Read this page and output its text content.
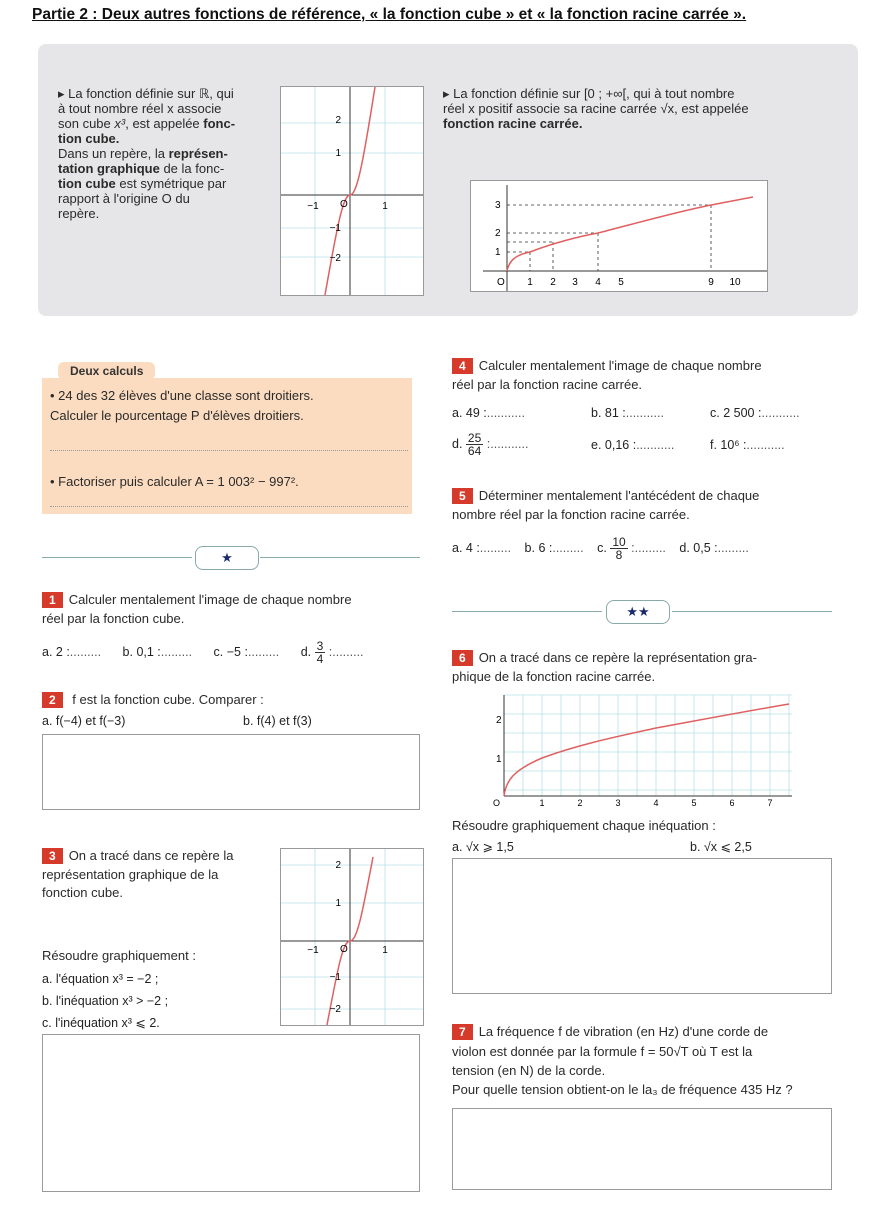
Partie 2 : Deux autres fonctions de référence, « la fonction cube » et « la fonction racine carrée ».
▸ La fonction définie sur ℝ, qui
à tout nombre réel x associe
son cube x³, est appelée fonc-
tion cube.
Dans un repère, la représen-
tation graphique de la fonc-
tion cube est symétrique par
rapport à l'origine O du
repère.
2
1
−1
−2
−1	1
O
▸ La fonction définie sur [0 ; +∞[, qui à tout nombre
réel x positif associe sa racine carrée √x, est appelée
fonction racine carrée.
3
2
1
1 2 3 4 5	9 10
O
Deux calculs
• 24 des 32 élèves d'une classe sont droitiers.
Calculer le pourcentage P d'élèves droitiers.
• Factoriser puis calculer A = 1 003² − 997².
★
1 Calculer mentalement l'image de chaque nombre
réel par la fonction cube.
a. 2 :......... b. 0,1 :......... c. −5 :......... d. $\frac{3}{4}$ :.........
2 f est la fonction cube. Comparer :
a. f(−4) et f(−3)	b. f(4) et f(3)
3 On a tracé dans ce repère la
représentation graphique de la
fonction cube.
Résoudre graphiquement :
a. l'équation x³ = −2 ;
b. l'inéquation x³ > −2 ;
c. l'inéquation x³ ⩽ 2.
2
1
−1
−2
−1	1
O
4 Calculer mentalement l'image de chaque nombre
réel par la fonction racine carrée.
a. 49 :...........	b. 81 :...........	c. 2 500 :...........
d. $\frac{25}{64}$ :...........	e. 0,16 :...........	f. 10⁶ :...........
5 Déterminer mentalement l'antécédent de chaque
nombre réel par la fonction racine carrée.
a. 4 :......... b. 6 :......... c. $\frac{10}{8}$ :......... d. 0,5 :.........
★★
6 On a tracé dans ce repère la représentation gra-
phique de la fonction racine carrée.
2
1
1	2	3	4	5	6	7
O
Résoudre graphiquement chaque inéquation :
a. √x ⩾ 1,5	b. √x ⩽ 2,5
7 La fréquence f de vibration (en Hz) d'une corde de
violon est donnée par la formule f = 50√T où T est la
tension (en N) de la corde.
Pour quelle tension obtient-on le la₃ de fréquence 435 Hz ?
